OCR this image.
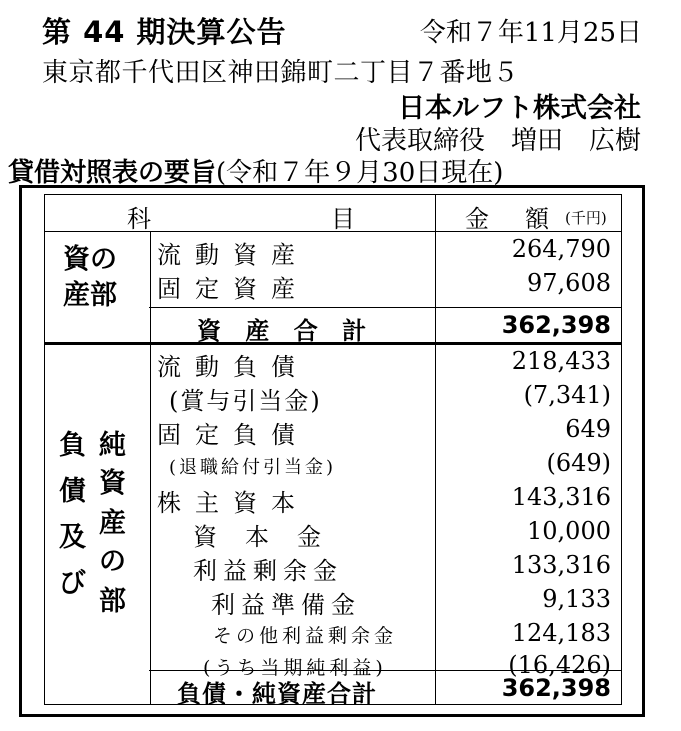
第 44 期決算公告	令和７年11月25日
東京都千代田区神田錦町二丁目７番地５
日本ルフト株式会社
代表取締役　増田　広樹
貸借対照表の要旨(令和７年９月30日現在)
科	目	金　額 (千円)
資の
産部
流動資産	264,790
固定資産	97,608
資 産 合 計	362,398
負
債
及
び
純
資
産
の
部
流動負債	218,433
(賞与引当金)	(7,341)
固定負債	649
(退職給付引当金)	(649)
株主資本	143,316
資　本　金	10,000
利益剰余金	133,316
利益準備金	9,133
その他利益剰余金	124,183
(うち当期純利益)	(16,426)
負債・純資産合計	362,398
